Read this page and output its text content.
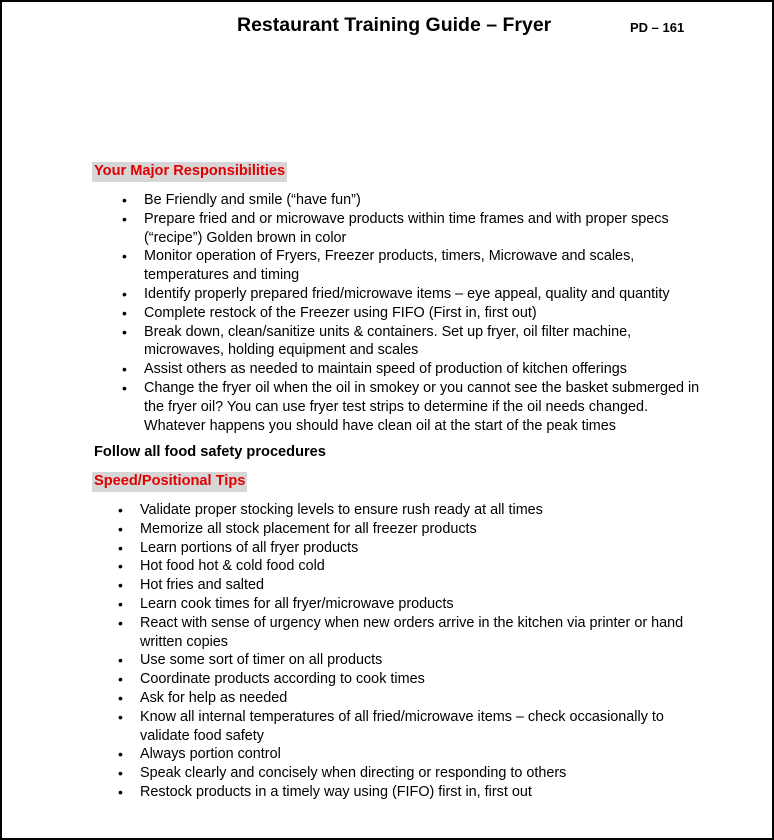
Restaurant Training Guide – Fryer	PD – 161
Your Major Responsibilities
• Be Friendly and smile (“have fun”)
• Prepare fried and or microwave products within time frames and with proper specs (“recipe”) Golden brown in color
• Monitor operation of Fryers, Freezer products, timers, Microwave and scales, temperatures and timing
• Identify properly prepared fried/microwave items – eye appeal, quality and quantity
• Complete restock of the Freezer using FIFO (First in, first out)
• Break down, clean/sanitize units & containers. Set up fryer, oil filter machine, microwaves, holding equipment and scales
• Assist others as needed to maintain speed of production of kitchen offerings
• Change the fryer oil when the oil in smokey or you cannot see the basket submerged in the fryer oil? You can use fryer test strips to determine if the oil needs changed. Whatever happens you should have clean oil at the start of the peak times
Follow all food safety procedures
Speed/Positional Tips
• Validate proper stocking levels to ensure rush ready at all times
• Memorize all stock placement for all freezer products
• Learn portions of all fryer products
• Hot food hot & cold food cold
• Hot fries and salted
• Learn cook times for all fryer/microwave products
• React with sense of urgency when new orders arrive in the kitchen via printer or hand written copies
• Use some sort of timer on all products
• Coordinate products according to cook times
• Ask for help as needed
• Know all internal temperatures of all fried/microwave items – check occasionally to validate food safety
• Always portion control
• Speak clearly and concisely when directing or responding to others
• Restock products in a timely way using (FIFO) first in, first out
